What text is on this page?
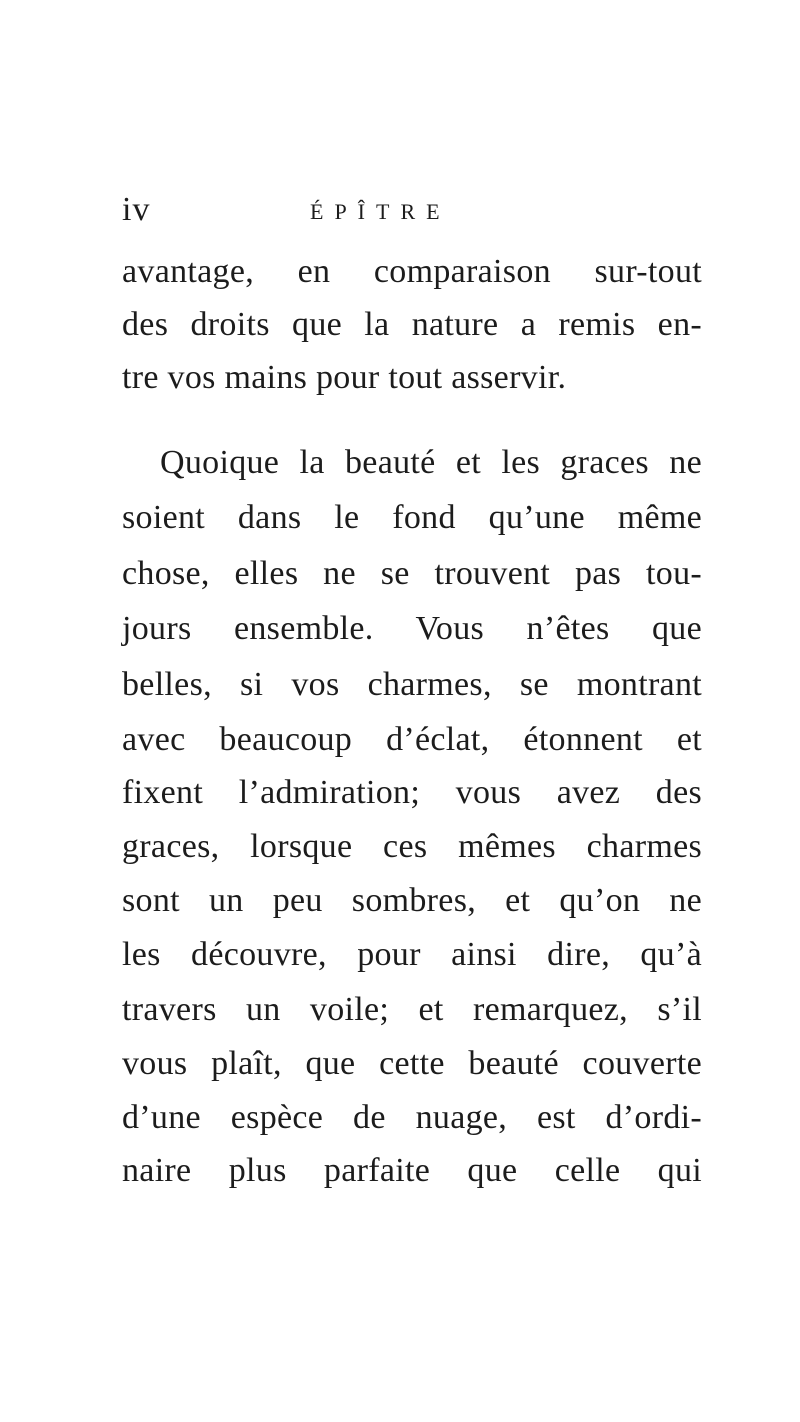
iv	ÉPÎTRE
avantage, en comparaison sur-tout
des droits que la nature a remis en-
tre vos mains pour tout asservir.
Quoique la beauté et les graces ne
soient dans le fond qu’une même
chose, elles ne se trouvent pas tou-
jours ensemble. Vous n’êtes que
belles, si vos charmes, se montrant
avec beaucoup d’éclat, étonnent et
fixent l’admiration; vous avez des
graces, lorsque ces mêmes charmes
sont un peu sombres, et qu’on ne
les découvre, pour ainsi dire, qu’à
travers un voile; et remarquez, s’il
vous plaît, que cette beauté couverte
d’une espèce de nuage, est d’ordi-
naire plus parfaite que celle qui
